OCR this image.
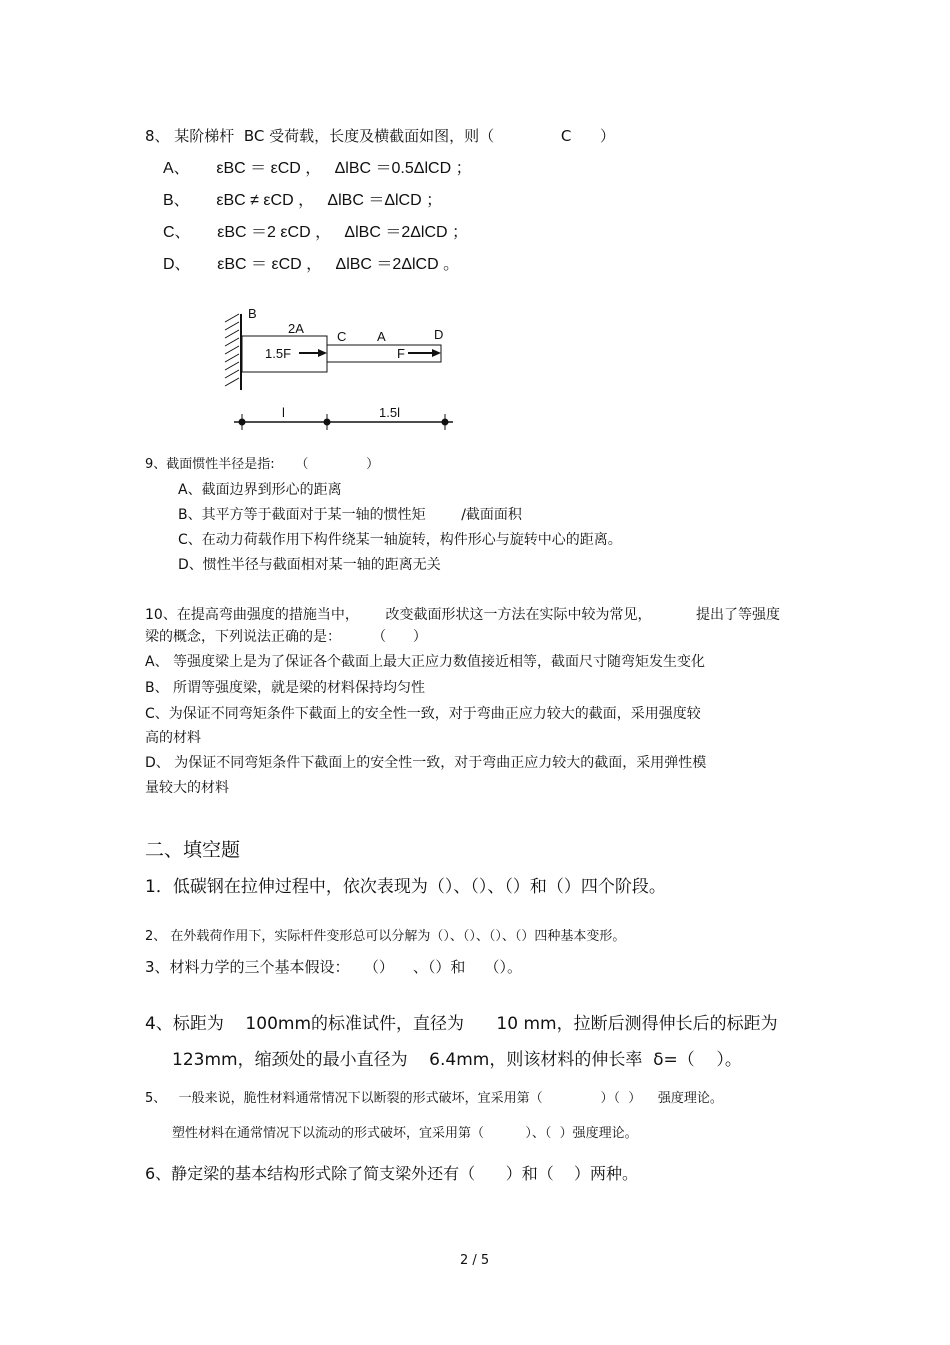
8、 某阶梯杆  BC 受荷载，长度及横截面如图，则（              C      ）
A、      εBC ＝ εCD ，   ΔlBC ＝0.5ΔlCD ；
B、      εBC ≠ εCD ，   ΔlBC ＝ΔlCD ；
C、      εBC ＝2 εCD ，   ΔlBC ＝2ΔlCD ；
D、      εBC ＝ εCD ，   ΔlBC ＝2ΔlCD 。
B
2A
C A	D
1.5F	F
l	1.5l
9、截面惯性半径是指:     （              ）
A、截面边界到形心的距离
B、其平方等于截面对于某一轴的惯性矩        /截面面积
C、在动力荷载作用下构件绕某一轴旋转，构件形心与旋转中心的距离。
D、惯性半径与截面相对某一轴的距离无关
10、在提高弯曲强度的措施当中，      改变截面形状这一方法在实际中较为常见，          提出了等强度
梁的概念，下列说法正确的是：       （      ）
A、 等强度梁上是为了保证各个截面上最大正应力数值接近相等，截面尺寸随弯矩发生变化
B、 所谓等强度梁，就是梁的材料保持均匀性
C、为保证不同弯矩条件下截面上的安全性一致，对于弯曲正应力较大的截面，采用强度较
高的材料
D、 为保证不同弯矩条件下截面上的安全性一致，对于弯曲正应力较大的截面，采用弹性模
量较大的材料
二、填空题
1．低碳钢在拉伸过程中，依次表现为（）、（）、（）和（）四个阶段。
2、 在外载荷作用下，实际杆件变形总可以分解为（）、（）、（）、（）四种基本变形。
3、材料力学的三个基本假设：   （）    、（）和    （）。
4、标距为    100mm的标准试件，直径为      10 mm，拉断后测得伸长后的标距为
123mm，缩颈处的最小直径为    6.4mm，则该材料的伸长率  δ=（    ）。
5、   一般来说，脆性材料通常情况下以断裂的形式破坏，宜采用第（              ）（  ）    强度理论。
塑性材料在通常情况下以流动的形式破坏，宜采用第（          ）、（  ）强度理论。
6、静定梁的基本结构形式除了简支梁外还有（      ）和（    ）两种。
2 / 5
